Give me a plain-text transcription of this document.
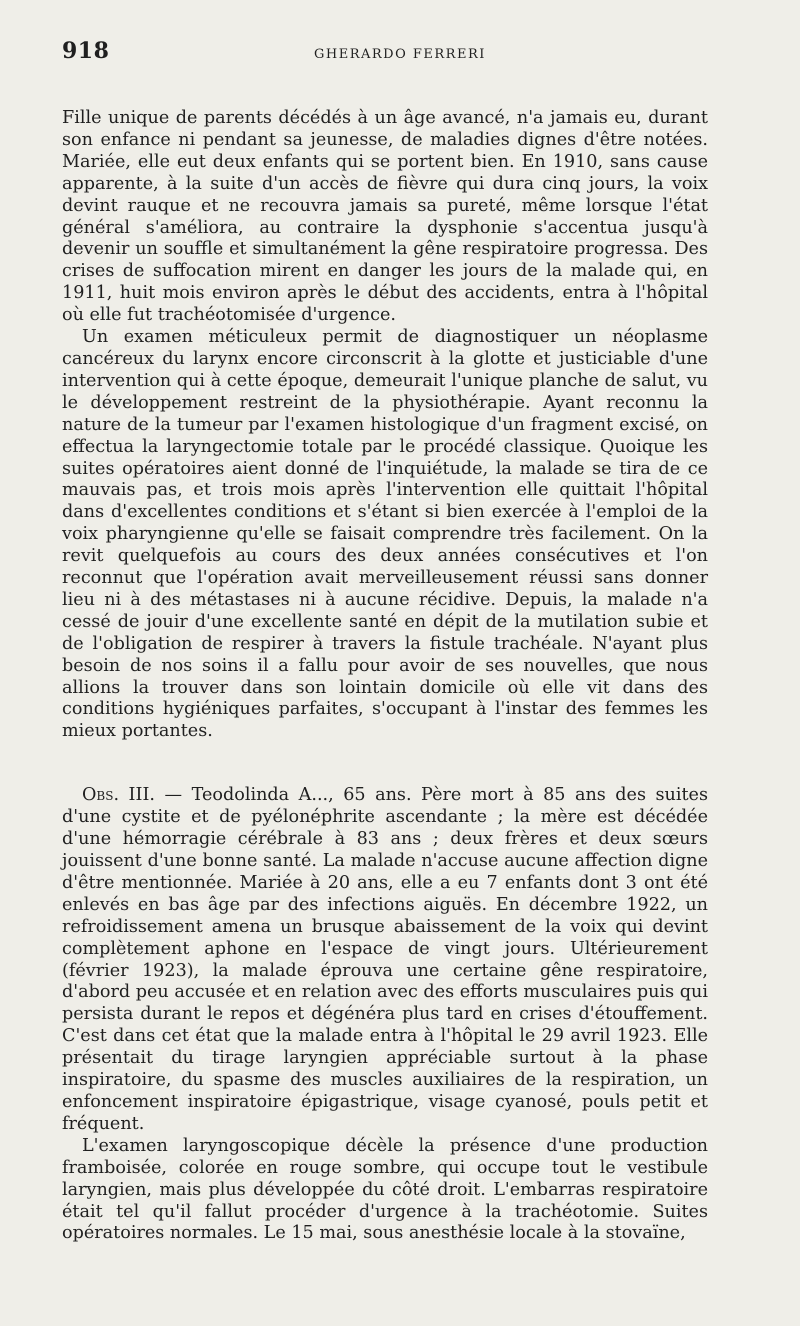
918	GHERARDO FERRERI

Fille unique de parents décédés à un âge avancé, n'a jamais eu, durant son enfance ni pendant sa jeunesse, de maladies dignes d'être notées. Mariée, elle eut deux enfants qui se portent bien. En 1910, sans cause apparente, à la suite d'un accès de fièvre qui dura cinq jours, la voix devint rauque et ne recouvra jamais sa pureté, même lorsque l'état général s'améliora, au contraire la dysphonie s'accentua jusqu'à devenir un souffle et simultanément la gêne respiratoire progressa. Des crises de suffocation mirent en danger les jours de la malade qui, en 1911, huit mois environ après le début des accidents, entra à l'hôpital où elle fut trachéotomisée d'urgence.

Un examen méticuleux permit de diagnostiquer un néoplasme cancéreux du larynx encore circonscrit à la glotte et justiciable d'une intervention qui à cette époque, demeurait l'unique planche de salut, vu le développement restreint de la physiothérapie. Ayant reconnu la nature de la tumeur par l'examen histologique d'un fragment excisé, on effectua la laryngectomie totale par le procédé classique. Quoique les suites opératoires aient donné de l'inquiétude, la malade se tira de ce mauvais pas, et trois mois après l'intervention elle quittait l'hôpital dans d'excellentes conditions et s'étant si bien exercée à l'emploi de la voix pharyngienne qu'elle se faisait comprendre très facilement. On la revit quelquefois au cours des deux années consécutives et l'on reconnut que l'opération avait merveilleusement réussi sans donner lieu ni à des métastases ni à aucune récidive. Depuis, la malade n'a cessé de jouir d'une excellente santé en dépit de la mutilation subie et de l'obligation de respirer à travers la fistule trachéale. N'ayant plus besoin de nos soins il a fallu pour avoir de ses nouvelles, que nous allions la trouver dans son lointain domicile où elle vit dans des conditions hygiéniques parfaites, s'occupant à l'instar des femmes les mieux portantes.

Obs. III. — Teodolinda A..., 65 ans. Père mort à 85 ans des suites d'une cystite et de pyélonéphrite ascendante ; la mère est décédée d'une hémorragie cérébrale à 83 ans ; deux frères et deux sœurs jouissent d'une bonne santé. La malade n'accuse aucune affection digne d'être mentionnée. Mariée à 20 ans, elle a eu 7 enfants dont 3 ont été enlevés en bas âge par des infections aiguës. En décembre 1922, un refroidissement amena un brusque abaissement de la voix qui devint complètement aphone en l'espace de vingt jours. Ultérieurement (février 1923), la malade éprouva une certaine gêne respiratoire, d'abord peu accusée et en relation avec des efforts musculaires puis qui persista durant le repos et dégénéra plus tard en crises d'étouffement. C'est dans cet état que la malade entra à l'hôpital le 29 avril 1923. Elle présentait du tirage laryngien appréciable surtout à la phase inspiratoire, du spasme des muscles auxiliaires de la respiration, un enfoncement inspiratoire épigastrique, visage cyanosé, pouls petit et fréquent.

L'examen laryngoscopique décèle la présence d'une production framboisée, colorée en rouge sombre, qui occupe tout le vestibule laryngien, mais plus développée du côté droit. L'embarras respiratoire était tel qu'il fallut procéder d'urgence à la trachéotomie. Suites opératoires normales. Le 15 mai, sous anesthésie locale à la stovaïne,
